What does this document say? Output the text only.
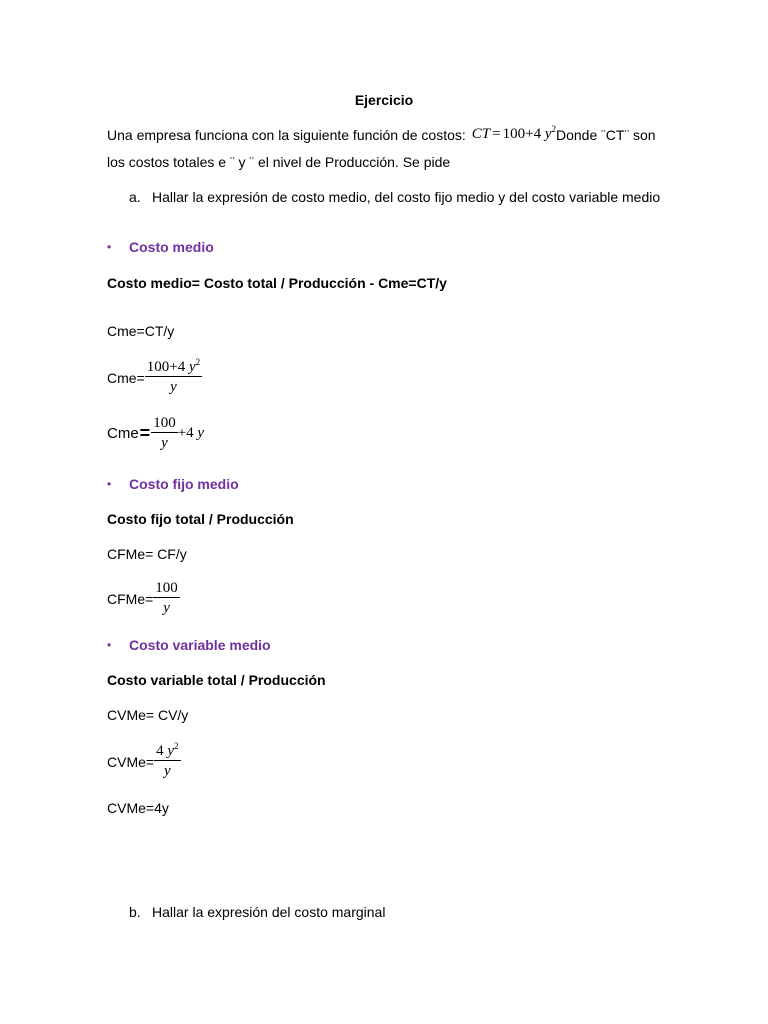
Ejercicio
Una empresa funciona con la siguiente función de costos: CT = 100+4 $y^2$ Donde ¨CT¨ son
los costos totales e ¨ y ¨ el nivel de Producción. Se pide
a. Hallar la expresión de costo medio, del costo fijo medio y del costo variable medio
• Costo medio
Costo medio= Costo total / Producción - Cme=CT/y
Cme=CT/y
$Cme= \frac{100+4 y^2}{y}$
Cme = $\frac{100}{y} +4$ y
• Costo fijo medio
Costo fijo total / Producción
CFMe= CF/y
CFMe= $\frac{100}{y}$
• Costo variable medio
Costo variable total / Producción
CVMe= CV/y
CVMe= $\frac{4 y^2}{y}$
CVMe=4y
b. Hallar la expresión del costo marginal
